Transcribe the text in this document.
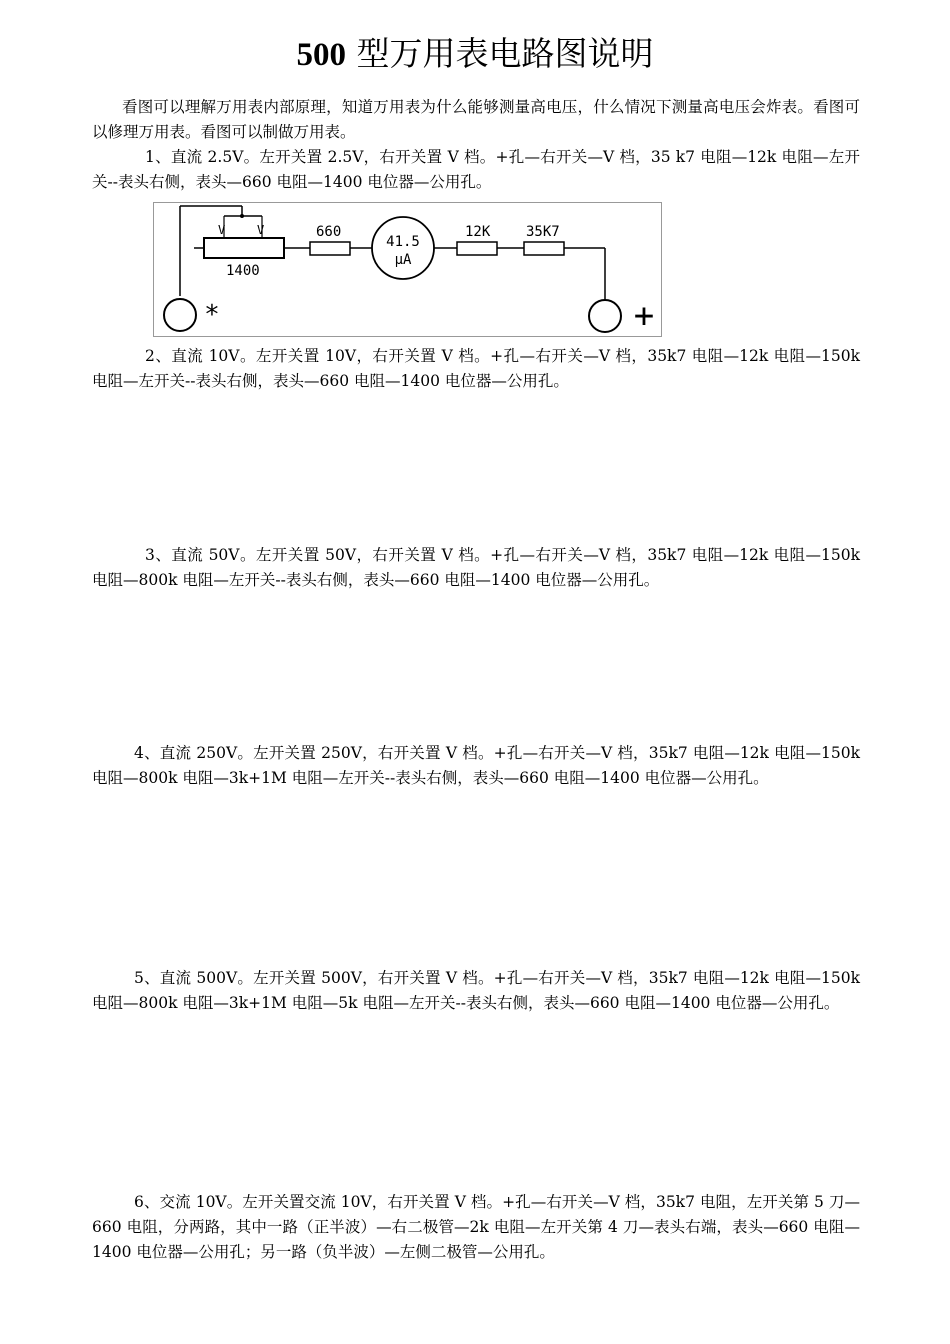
500 型万用表电路图说明

看图可以理解万用表内部原理，知道万用表为什么能够测量高电压，什么情况下测量高电压会炸表。看图可以修理万用表。看图可以制做万用表。

1、直流 2.5V。左开关置 2.5V，右开关置 V 档。+孔—右开关—V 档，35 k7 电阻—12k 电阻—左开关--表头右侧，表头—660 电阻—1400 电位器—公用孔。

V	V
1400
660
41.5
μA
12K	35K7
*	+

2、直流 10V。左开关置 10V，右开关置 V 档。+孔—右开关—V 档，35k7 电阻—12k 电阻—150k 电阻—左开关--表头右侧，表头—660 电阻—1400 电位器—公用孔。

3、直流 50V。左开关置 50V，右开关置 V 档。+孔—右开关—V 档，35k7 电阻—12k 电阻—150k 电阻—800k 电阻—左开关--表头右侧，表头—660 电阻—1400 电位器—公用孔。

4、直流 250V。左开关置 250V，右开关置 V 档。+孔—右开关—V 档，35k7 电阻—12k 电阻—150k 电阻—800k 电阻—3k+1M 电阻—左开关--表头右侧，表头—660 电阻—1400 电位器—公用孔。

5、直流 500V。左开关置 500V，右开关置 V 档。+孔—右开关—V 档，35k7 电阻—12k 电阻—150k 电阻—800k 电阻—3k+1M 电阻—5k 电阻—左开关--表头右侧，表头—660 电阻—1400 电位器—公用孔。

6、交流 10V。左开关置交流 10V，右开关置 V 档。+孔—右开关—V 档，35k7 电阻，左开关第 5 刀—660 电阻，分两路，其中一路（正半波）—右二极管—2k 电阻—左开关第 4 刀—表头右端，表头—660 电阻—1400 电位器—公用孔；另一路（负半波）—左侧二极管—公用孔。
